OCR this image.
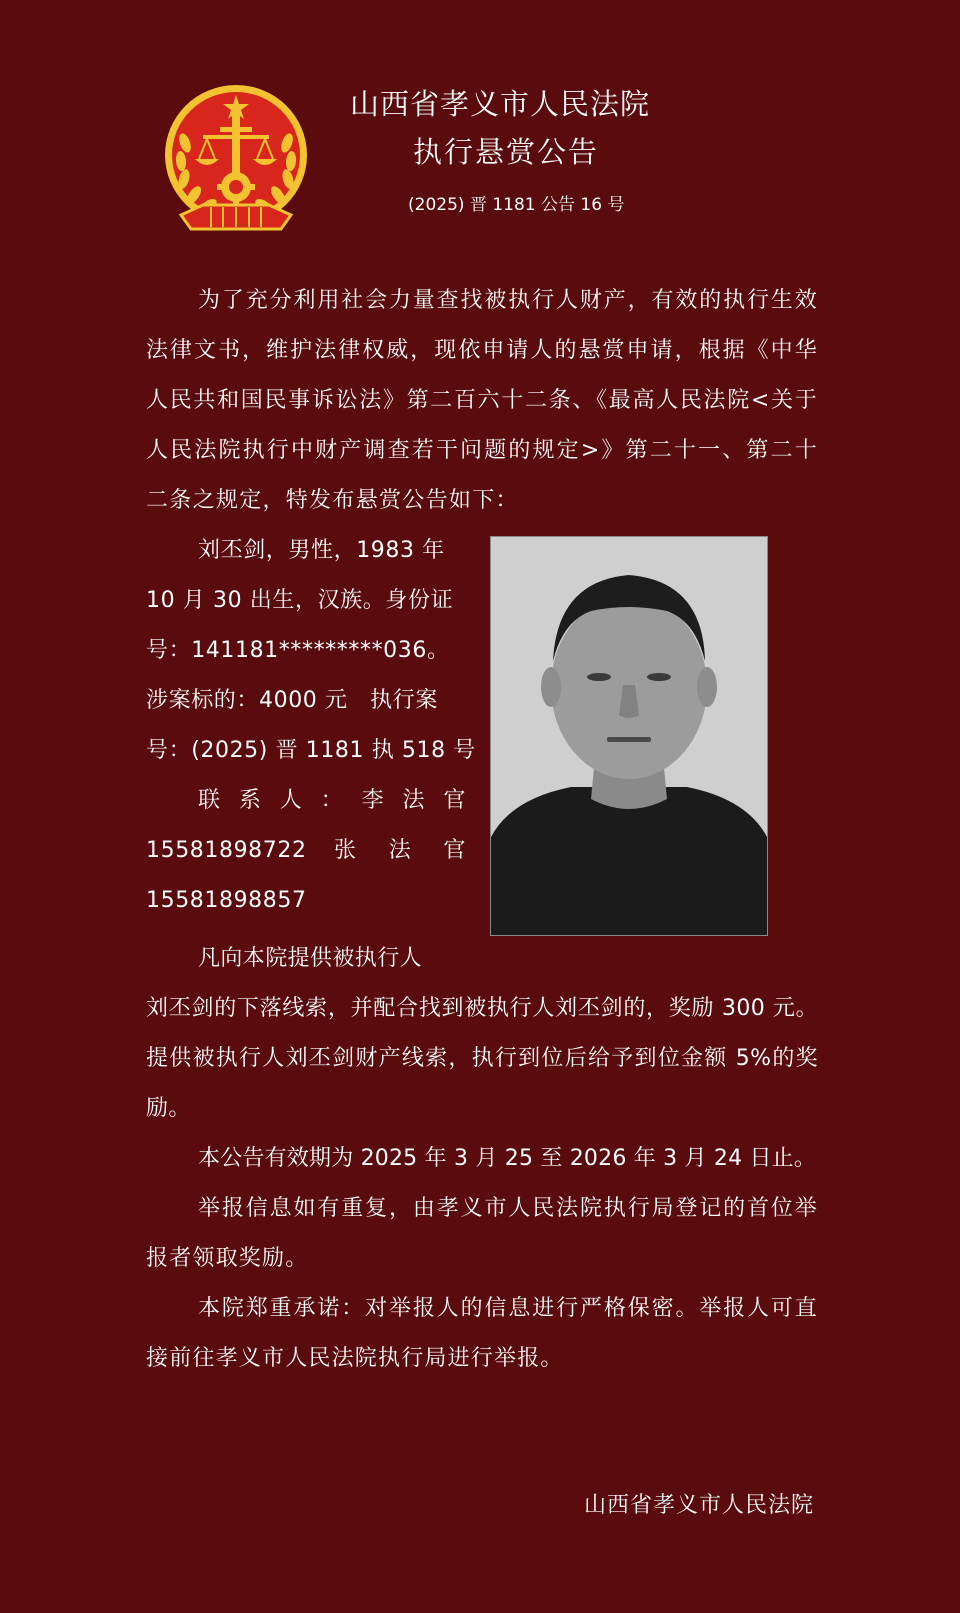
山西省孝义市人民法院
执行悬赏公告
(2025) 晋 1181 公告 16 号
为了充分利用社会力量查找被执行人财产，有效的执行生效法律文书，维护法律权威，现依申请人的悬赏申请，根据《中华人民共和国民事诉讼法》第二百六十二条、《最高人民法院<关于人民法院执行中财产调查若干问题的规定>》第二十一、第二十二条之规定，特发布悬赏公告如下：
刘丕剑，男性，1983 年
10 月 30 出生，汉族。身份证
号：141181*********036。
涉案标的：4000 元　执行案
号：(2025) 晋 1181 执 518 号
联 系 人 ： 李 法 官
15581898722 张 法 官
15581898857
凡向本院提供被执行人
刘丕剑的下落线索，并配合找到被执行人刘丕剑的，奖励 300 元。提供被执行人刘丕剑财产线索，执行到位后给予到位金额 5%的奖励。
本公告有效期为 2025 年 3 月 25 至 2026 年 3 月 24 日止。
举报信息如有重复，由孝义市人民法院执行局登记的首位举报者领取奖励。
本院郑重承诺：对举报人的信息进行严格保密。举报人可直接前往孝义市人民法院执行局进行举报。
山西省孝义市人民法院
